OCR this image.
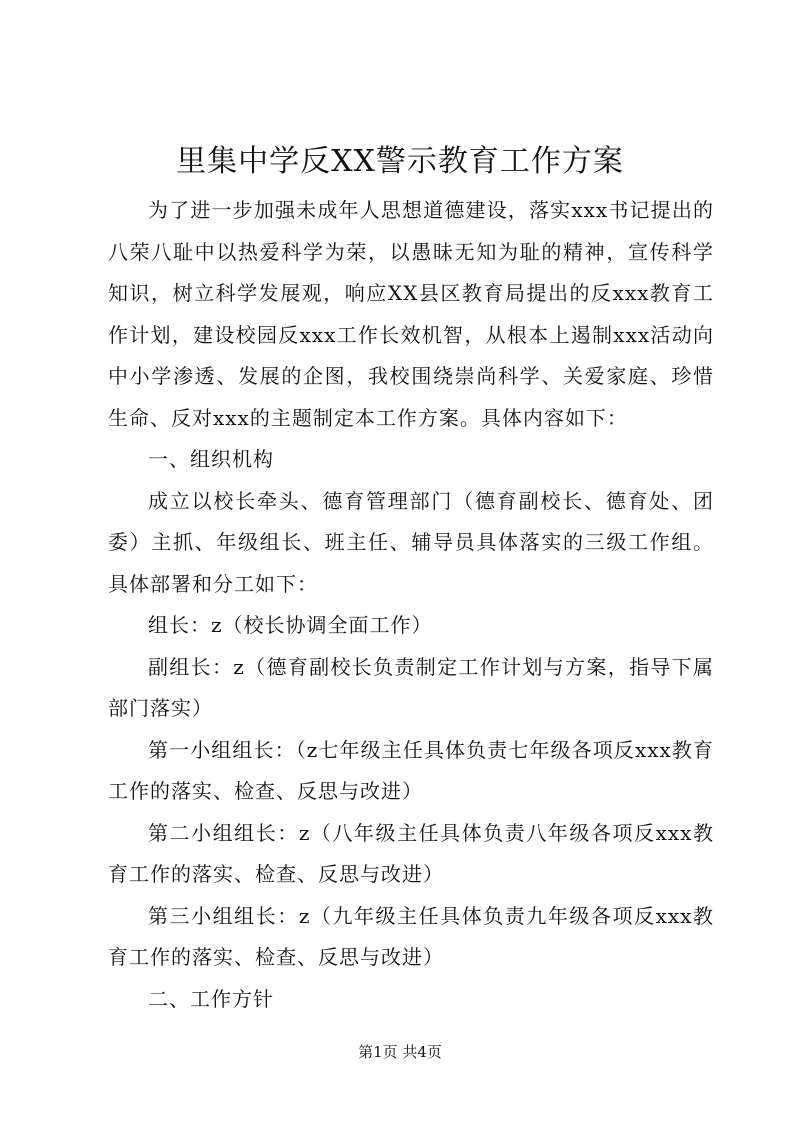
里集中学反XX警示教育工作方案

为了进一步加强未成年人思想道德建设，落实xxx书记提出的八荣八耻中以热爱科学为荣，以愚昧无知为耻的精神，宣传科学知识，树立科学发展观，响应XX县区教育局提出的反xxx教育工作计划，建设校园反xxx工作长效机智，从根本上遏制xxx活动向中小学渗透、发展的企图，我校围绕崇尚科学、关爱家庭、珍惜生命、反对xxx的主题制定本工作方案。具体内容如下：

一、组织机构

成立以校长牵头、德育管理部门（德育副校长、德育处、团委）主抓、年级组长、班主任、辅导员具体落实的三级工作组。具体部署和分工如下：

组长：z（校长协调全面工作）

副组长：z（德育副校长负责制定工作计划与方案，指导下属部门落实）

第一小组组长：（z七年级主任具体负责七年级各项反xxx教育工作的落实、检查、反思与改进）

第二小组组长：z（八年级主任具体负责八年级各项反xxx教育工作的落实、检查、反思与改进）

第三小组组长：z（九年级主任具体负责九年级各项反xxx教育工作的落实、检查、反思与改进）

二、工作方针

第1页 共4页
